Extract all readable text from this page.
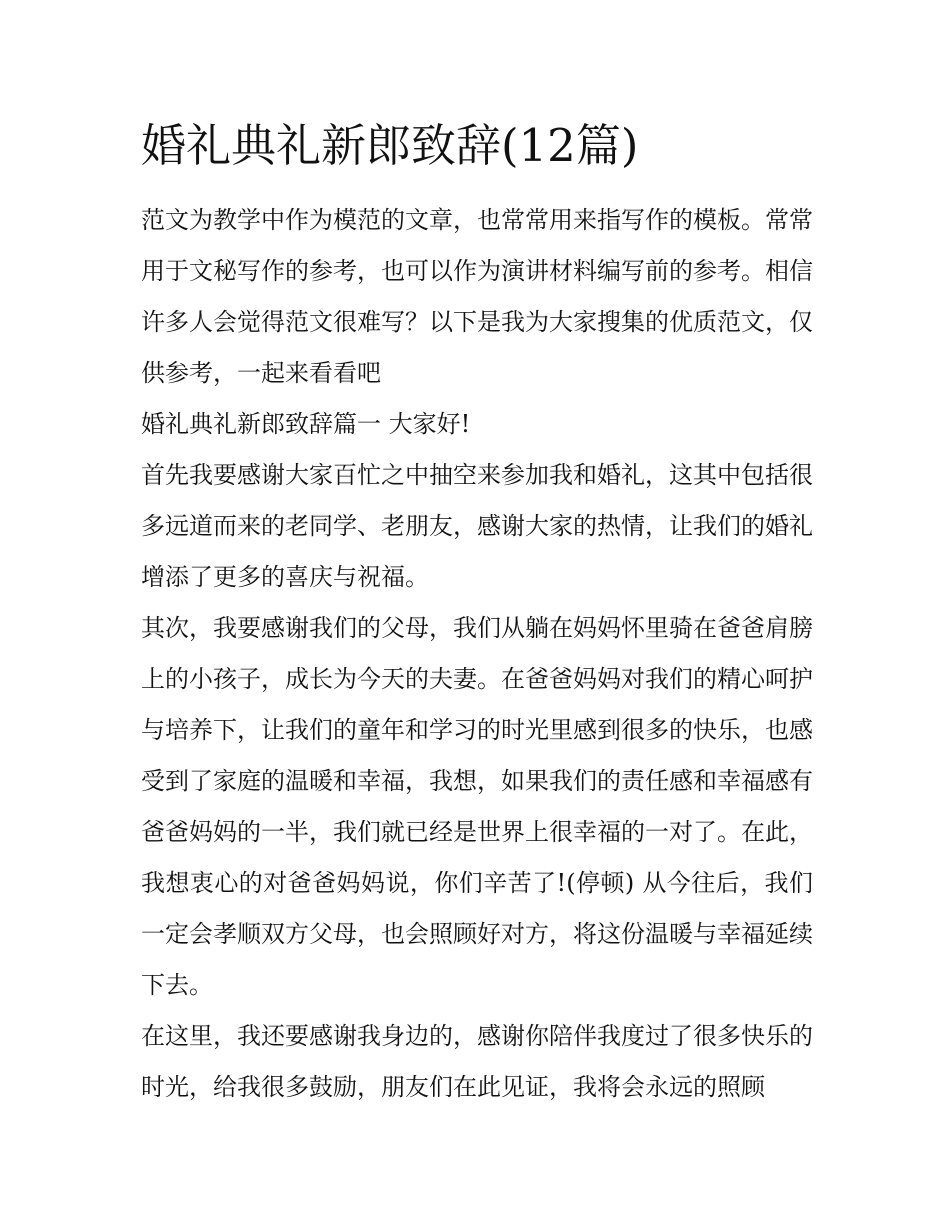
婚礼典礼新郎致辞(12篇)

范文为教学中作为模范的文章，也常常用来指写作的模板。常常用于文秘写作的参考，也可以作为演讲材料编写前的参考。相信许多人会觉得范文很难写？以下是我为大家搜集的优质范文，仅供参考，一起来看看吧

婚礼典礼新郎致辞篇一 大家好!

首先我要感谢大家百忙之中抽空来参加我和婚礼，这其中包括很多远道而来的老同学、老朋友，感谢大家的热情，让我们的婚礼增添了更多的喜庆与祝福。

其次，我要感谢我们的父母，我们从躺在妈妈怀里骑在爸爸肩膀上的小孩子，成长为今天的夫妻。在爸爸妈妈对我们的精心呵护与培养下，让我们的童年和学习的时光里感到很多的快乐，也感受到了家庭的温暖和幸福，我想，如果我们的责任感和幸福感有爸爸妈妈的一半，我们就已经是世界上很幸福的一对了。在此，我想衷心的对爸爸妈妈说，你们辛苦了!(停顿) 从今往后，我们一定会孝顺双方父母，也会照顾好对方，将这份温暖与幸福延续下去。

在这里，我还要感谢我身边的，感谢你陪伴我度过了很多快乐的时光，给我很多鼓励，朋友们在此见证，我将会永远的照顾
